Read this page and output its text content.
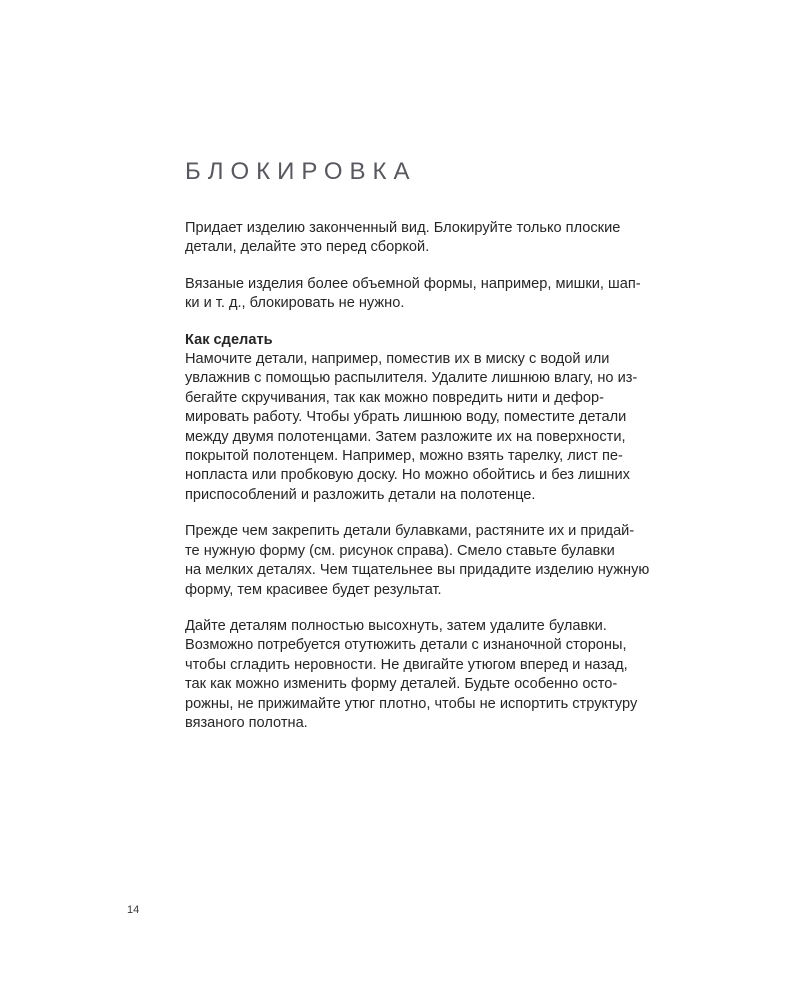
БЛОКИРОВКА

Придает изделию законченный вид. Блокируйте только плоские
детали, делайте это перед сборкой.

Вязаные изделия более объемной формы, например, мишки, шап-
ки и т. д., блокировать не нужно.

Как сделать

Намочите детали, например, поместив их в миску с водой или
увлажнив с помощью распылителя. Удалите лишнюю влагу, но из-
бегайте скручивания, так как можно повредить нити и дефор-
мировать работу. Чтобы убрать лишнюю воду, поместите детали
между двумя полотенцами. Затем разложите их на поверхности,
покрытой полотенцем. Например, можно взять тарелку, лист пе-
нопласта или пробковую доску. Но можно обойтись и без лишних
приспособлений и разложить детали на полотенце.

Прежде чем закрепить детали булавками, растяните их и придай-
те нужную форму (см. рисунок справа). Смело ставьте булавки
на мелких деталях. Чем тщательнее вы придадите изделию нужную
форму, тем красивее будет результат.

Дайте деталям полностью высохнуть, затем удалите булавки.
Возможно потребуется отутюжить детали с изнаночной стороны,
чтобы сгладить неровности. Не двигайте утюгом вперед и назад,
так как можно изменить форму деталей. Будьте особенно осто-
рожны, не прижимайте утюг плотно, чтобы не испортить структуру
вязаного полотна.

14
